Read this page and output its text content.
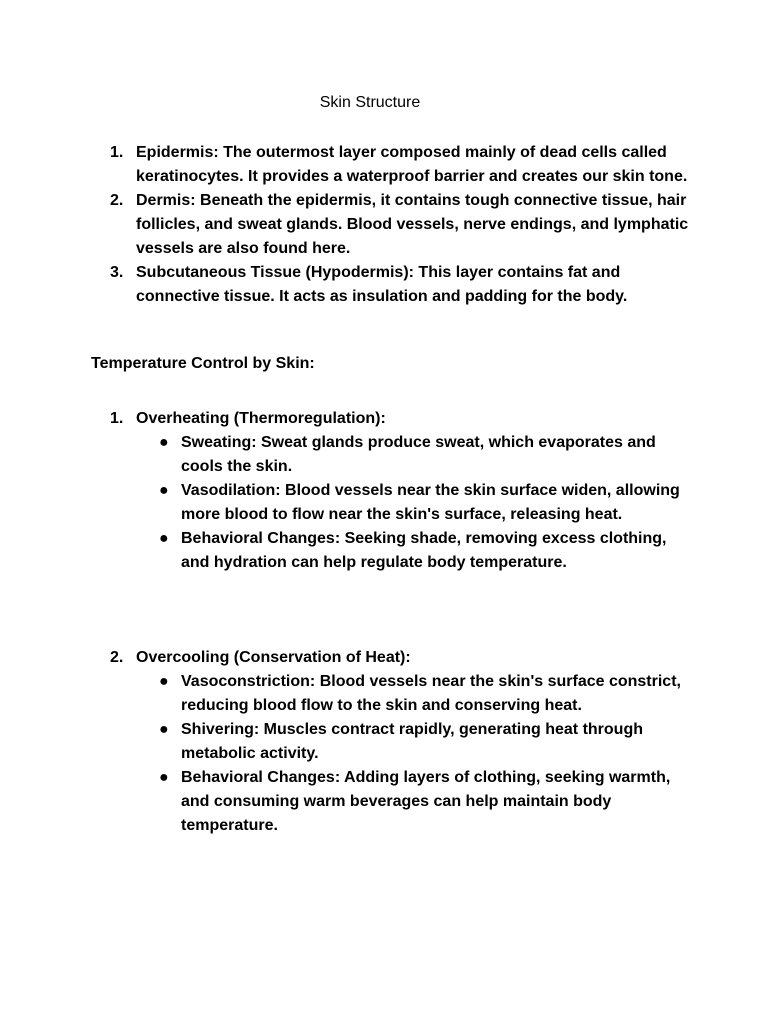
Skin Structure
1. Epidermis: The outermost layer composed mainly of dead cells called keratinocytes. It provides a waterproof barrier and creates our skin tone.
2. Dermis: Beneath the epidermis, it contains tough connective tissue, hair follicles, and sweat glands. Blood vessels, nerve endings, and lymphatic vessels are also found here.
3. Subcutaneous Tissue (Hypodermis): This layer contains fat and connective tissue. It acts as insulation and padding for the body.
Temperature Control by Skin:
1. Overheating (Thermoregulation):
● Sweating: Sweat glands produce sweat, which evaporates and cools the skin.
● Vasodilation: Blood vessels near the skin surface widen, allowing more blood to flow near the skin's surface, releasing heat.
● Behavioral Changes: Seeking shade, removing excess clothing, and hydration can help regulate body temperature.
2. Overcooling (Conservation of Heat):
● Vasoconstriction: Blood vessels near the skin's surface constrict, reducing blood flow to the skin and conserving heat.
● Shivering: Muscles contract rapidly, generating heat through metabolic activity.
● Behavioral Changes: Adding layers of clothing, seeking warmth, and consuming warm beverages can help maintain body temperature.
